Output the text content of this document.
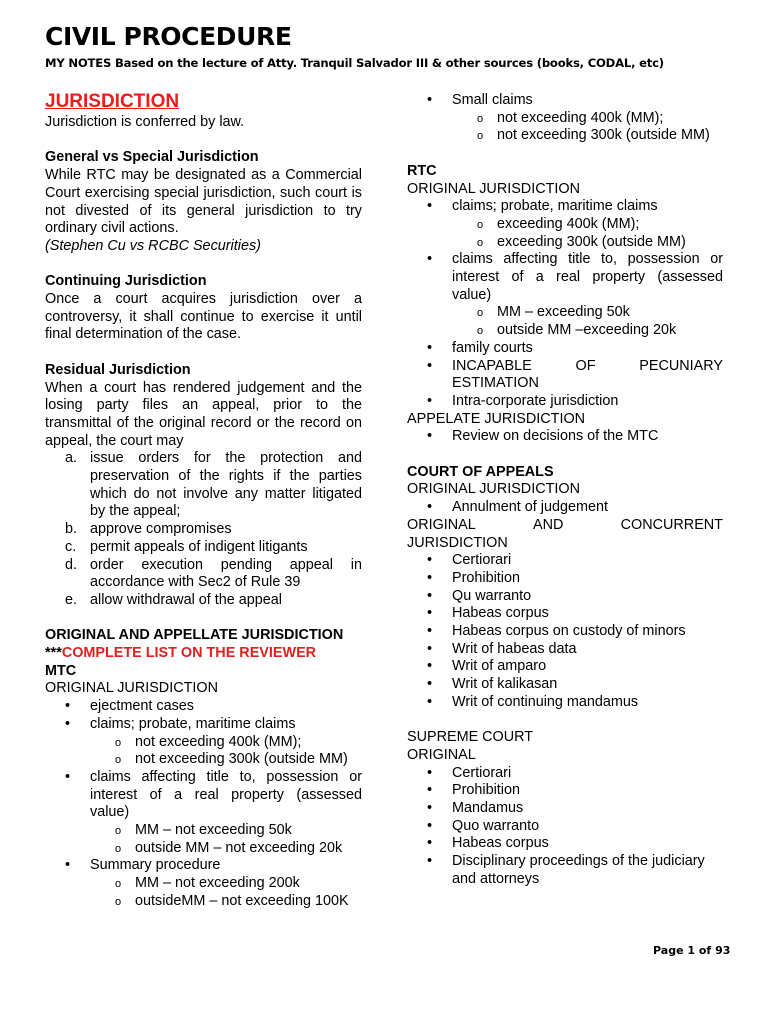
CIVIL PROCEDURE

MY NOTES Based on the lecture of Atty. Tranquil Salvador III & other sources (books, CODAL, etc)

JURISDICTION

Jurisdiction is conferred by law.

General vs Special Jurisdiction

While RTC may be designated as a Commercial Court exercising special jurisdiction, such court is not divested of its general jurisdiction to try ordinary civil actions.

(Stephen Cu vs RCBC Securities)

Continuing Jurisdiction

Once a court acquires jurisdiction over a controversy, it shall continue to exercise it until final determination of the case.

Residual Jurisdiction

When a court has rendered judgement and the losing party files an appeal, prior to the transmittal of the original record or the record on appeal, the court may

a. issue orders for the protection and preservation of the rights if the parties which do not involve any matter litigated by the appeal;
b. approve compromises
c. permit appeals of indigent litigants
d. order execution pending appeal in accordance with Sec2 of Rule 39
e. allow withdrawal of the appeal

ORIGINAL AND APPELLATE JURISDICTION

***COMPLETE LIST ON THE REVIEWER

MTC

ORIGINAL JURISDICTION

• ejectment cases
• claims; probate, maritime claims
o not exceeding 400k (MM);
o not exceeding 300k (outside MM)
• claims affecting title to, possession or interest of a real property (assessed value)
o MM – not exceeding 50k
o outside MM – not exceeding 20k
• Summary procedure
o MM – not exceeding 200k
o outsideMM – not exceeding 100K
• Small claims
o not exceeding 400k (MM);
o not exceeding 300k (outside MM)

RTC

ORIGINAL JURISDICTION

• claims; probate, maritime claims
o exceeding 400k (MM);
o exceeding 300k (outside MM)
• claims affecting title to, possession or interest of a real property (assessed value)
o MM – exceeding 50k
o outside MM –exceeding 20k
• family courts
• INCAPABLE	OF	PECUNIARY
ESTIMATION
• Intra-corporate jurisdiction

APPELATE JURISDICTION

• Review on decisions of the MTC

COURT OF APPEALS

ORIGINAL JURISDICTION

• Annulment of judgement
ORIGINAL	AND	CONCURRENT

JURISDICTION

• Certiorari
• Prohibition
• Qu warranto
• Habeas corpus
• Habeas corpus on custody of minors
• Writ of habeas data
• Writ of amparo
• Writ of kalikasan
• Writ of continuing mandamus

SUPREME COURT

ORIGINAL

• Certiorari
• Prohibition
• Mandamus
• Quo warranto
• Habeas corpus
• Disciplinary proceedings of the judiciary and attorneys
Page 1 of 93
